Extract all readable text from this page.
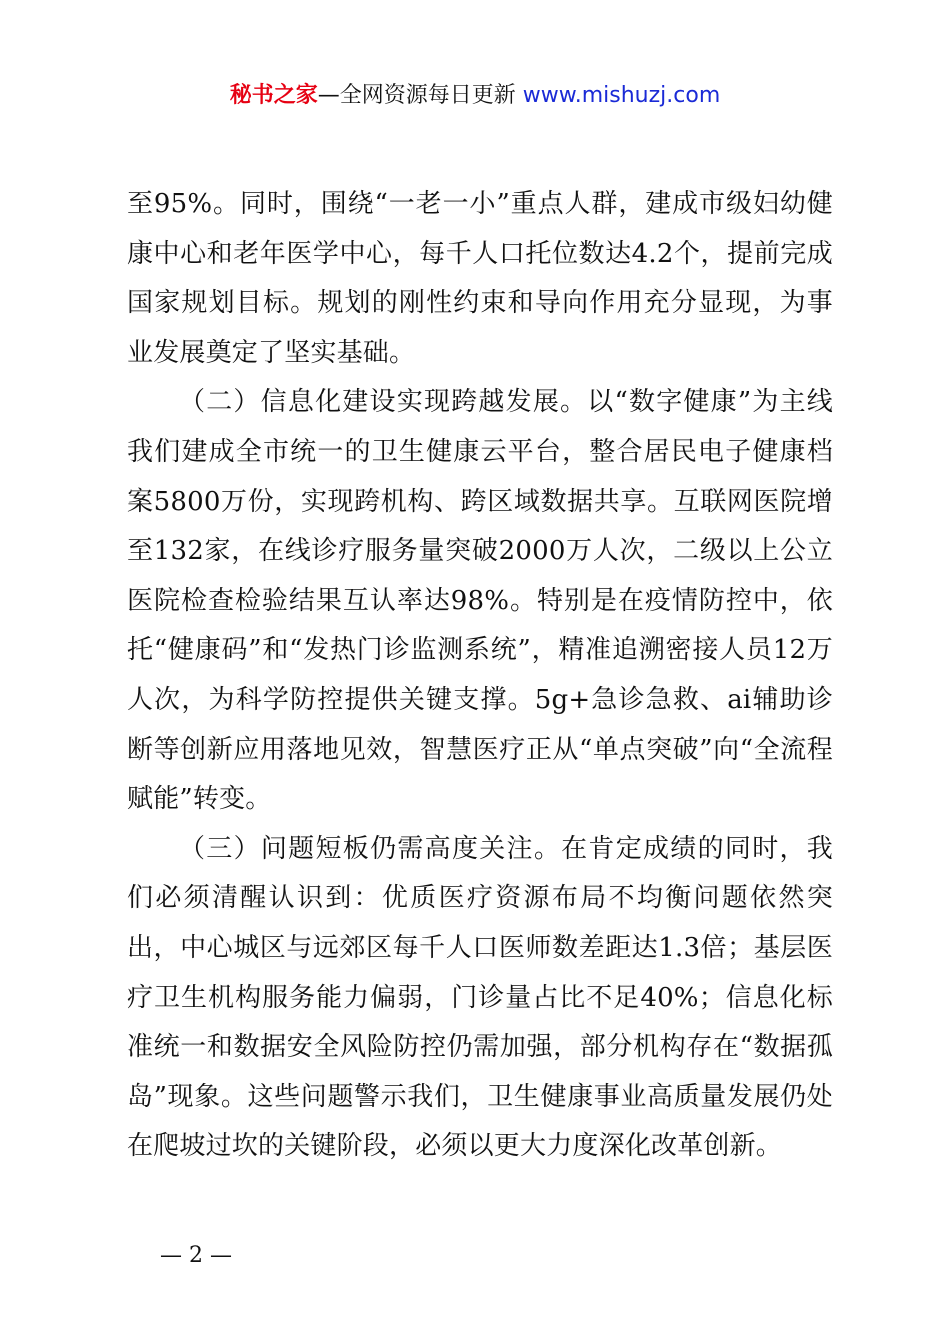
秘书之家—全网资源每日更新 www.mishuzj.com

至95%。同时，围绕“一老一小”重点人群，建成市级妇幼健康中心和老年医学中心，每千人口托位数达4.2个，提前完成国家规划目标。规划的刚性约束和导向作用充分显现，为事业发展奠定了坚实基础。

（二）信息化建设实现跨越发展。以“数字健康”为主线我们建成全市统一的卫生健康云平台，整合居民电子健康档案5800万份，实现跨机构、跨区域数据共享。互联网医院增至132家，在线诊疗服务量突破2000万人次，二级以上公立医院检查检验结果互认率达98%。特别是在疫情防控中，依托“健康码”和“发热门诊监测系统”，精准追溯密接人员12万人次，为科学防控提供关键支撑。5g+急诊急救、ai辅助诊断等创新应用落地见效，智慧医疗正从“单点突破”向“全流程赋能”转变。

（三）问题短板仍需高度关注。在肯定成绩的同时，我们必须清醒认识到：优质医疗资源布局不均衡问题依然突出，中心城区与远郊区每千人口医师数差距达1.3倍；基层医疗卫生机构服务能力偏弱，门诊量占比不足40%；信息化标准统一和数据安全风险防控仍需加强，部分机构存在“数据孤岛”现象。这些问题警示我们，卫生健康事业高质量发展仍处在爬坡过坎的关键阶段，必须以更大力度深化改革创新。

— 2 —
